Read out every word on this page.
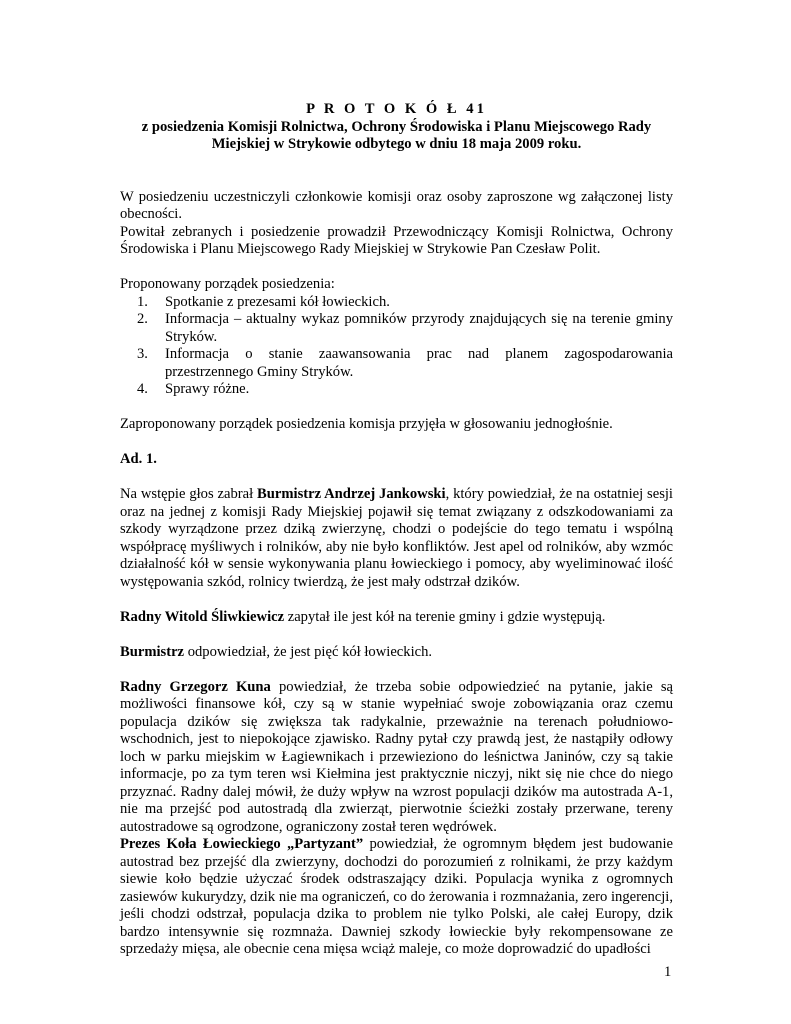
P R O T O K Ó Ł 41

z posiedzenia Komisji Rolnictwa, Ochrony Środowiska i Planu Miejscowego Rady

Miejskiej w Strykowie odbytego w dniu 18 maja 2009 roku.

W posiedzeniu uczestniczyli członkowie komisji oraz osoby zaproszone wg załączonej listy obecności.

Powitał zebranych i posiedzenie prowadził Przewodniczący Komisji Rolnictwa, Ochrony Środowiska i Planu Miejscowego Rady Miejskiej w Strykowie Pan Czesław Polit.

Proponowany porządek posiedzenia:

1.	Spotkanie z prezesami kół łowieckich.
2.	Informacja – aktualny wykaz pomników przyrody znajdujących się na terenie gminy Stryków.
3.	Informacja o stanie zaawansowania prac nad planem zagospodarowania przestrzennego Gminy Stryków.
4.	Sprawy różne.

Zaproponowany porządek posiedzenia komisja przyjęła w głosowaniu jednogłośnie.

Ad. 1.

Na wstępie głos zabrał Burmistrz Andrzej Jankowski, który powiedział, że na ostatniej sesji oraz na jednej z komisji Rady Miejskiej pojawił się temat związany z odszkodowaniami za szkody wyrządzone przez dziką zwierzynę, chodzi o podejście do tego tematu i wspólną współpracę myśliwych i rolników, aby nie było konfliktów. Jest apel od rolników, aby wzmóc działalność kół w sensie wykonywania planu łowieckiego i pomocy, aby wyeliminować ilość występowania szkód, rolnicy twierdzą, że jest mały odstrzał dzików.

Radny Witold Śliwkiewicz zapytał ile jest kół na terenie gminy i gdzie występują.

Burmistrz odpowiedział, że jest pięć kół łowieckich.

Radny Grzegorz Kuna powiedział, że trzeba sobie odpowiedzieć na pytanie, jakie są możliwości finansowe kół, czy są w stanie wypełniać swoje zobowiązania oraz czemu populacja dzików się zwiększa tak radykalnie, przeważnie na terenach południowo-wschodnich, jest to niepokojące zjawisko. Radny pytał czy prawdą jest, że nastąpiły odłowy loch w parku miejskim w Łagiewnikach i przewieziono do leśnictwa Janinów, czy są takie informacje, po za tym teren wsi Kiełmina jest praktycznie niczyj, nikt się nie chce do niego przyznać. Radny dalej mówił, że duży wpływ na wzrost populacji dzików ma autostrada A-1, nie ma przejść pod autostradą dla zwierząt, pierwotnie ścieżki zostały przerwane, tereny autostradowe są ogrodzone, ograniczony został teren wędrówek.

Prezes Koła Łowieckiego „Partyzant” powiedział, że ogromnym błędem jest budowanie autostrad bez przejść dla zwierzyny, dochodzi do porozumień z rolnikami, że przy każdym siewie koło będzie użyczać środek odstraszający dziki. Populacja wynika z ogromnych zasiewów kukurydzy, dzik nie ma ograniczeń, co do żerowania i rozmnażania, zero ingerencji, jeśli chodzi odstrzał, populacja dzika to problem nie tylko Polski, ale całej Europy, dzik bardzo intensywnie się rozmnaża. Dawniej szkody łowieckie były rekompensowane ze sprzedaży mięsa, ale obecnie cena mięsa wciąż maleje, co może doprowadzić do upadłości

1
